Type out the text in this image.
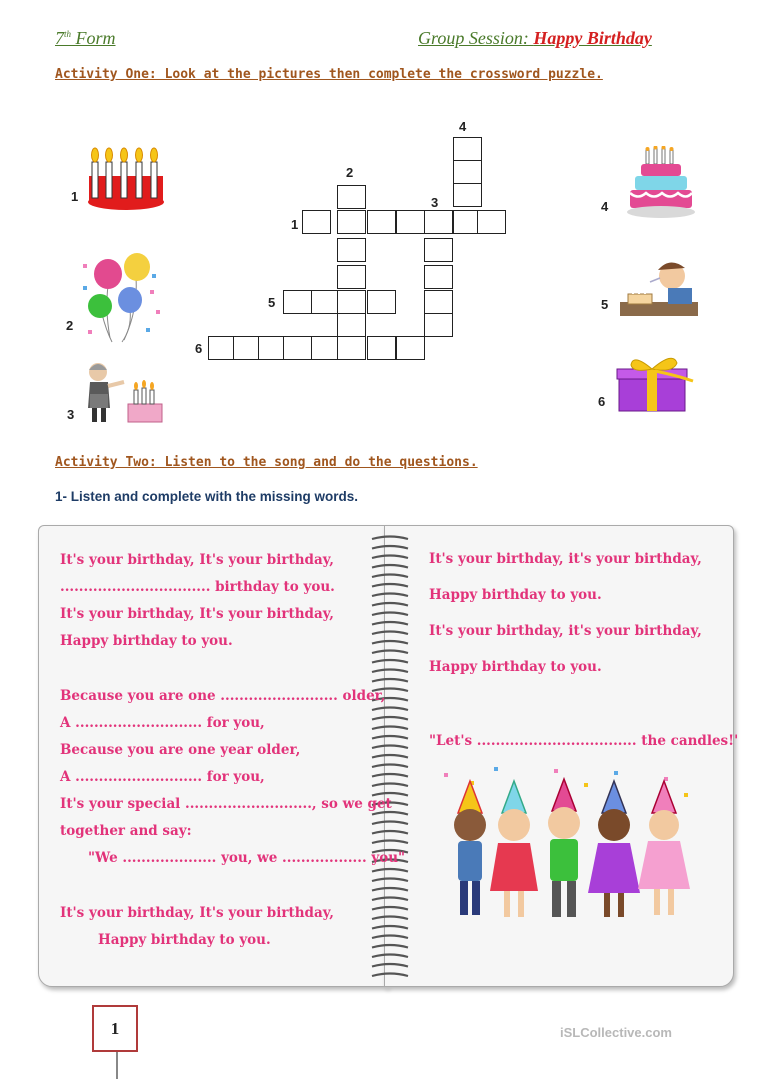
7th Form	Group Session: Happy Birthday
Activity One: Look at the pictures then complete the crossword puzzle.
1
2
3
4
5
6
1
2
3
4
5
6
Activity Two: Listen to the song and do the questions.
1- Listen and complete with the missing words.
It's your birthday, It's your birthday,
................................ birthday to you.
It's your birthday, It's your birthday,
Happy birthday to you.
Because you are one ......................... older,
A ........................... for you,
Because you are one year older,
A ........................... for you,
It's your special ..........................., so we get
together and say:
"We .................... you, we .................. you"
It's your birthday, It's your birthday,
Happy birthday to you.
It's your birthday, it's your birthday,
Happy birthday to you.
It's your birthday, it's your birthday,
Happy birthday to you.
"Let's .................................. the candles!'
1	iSLCollective.com
